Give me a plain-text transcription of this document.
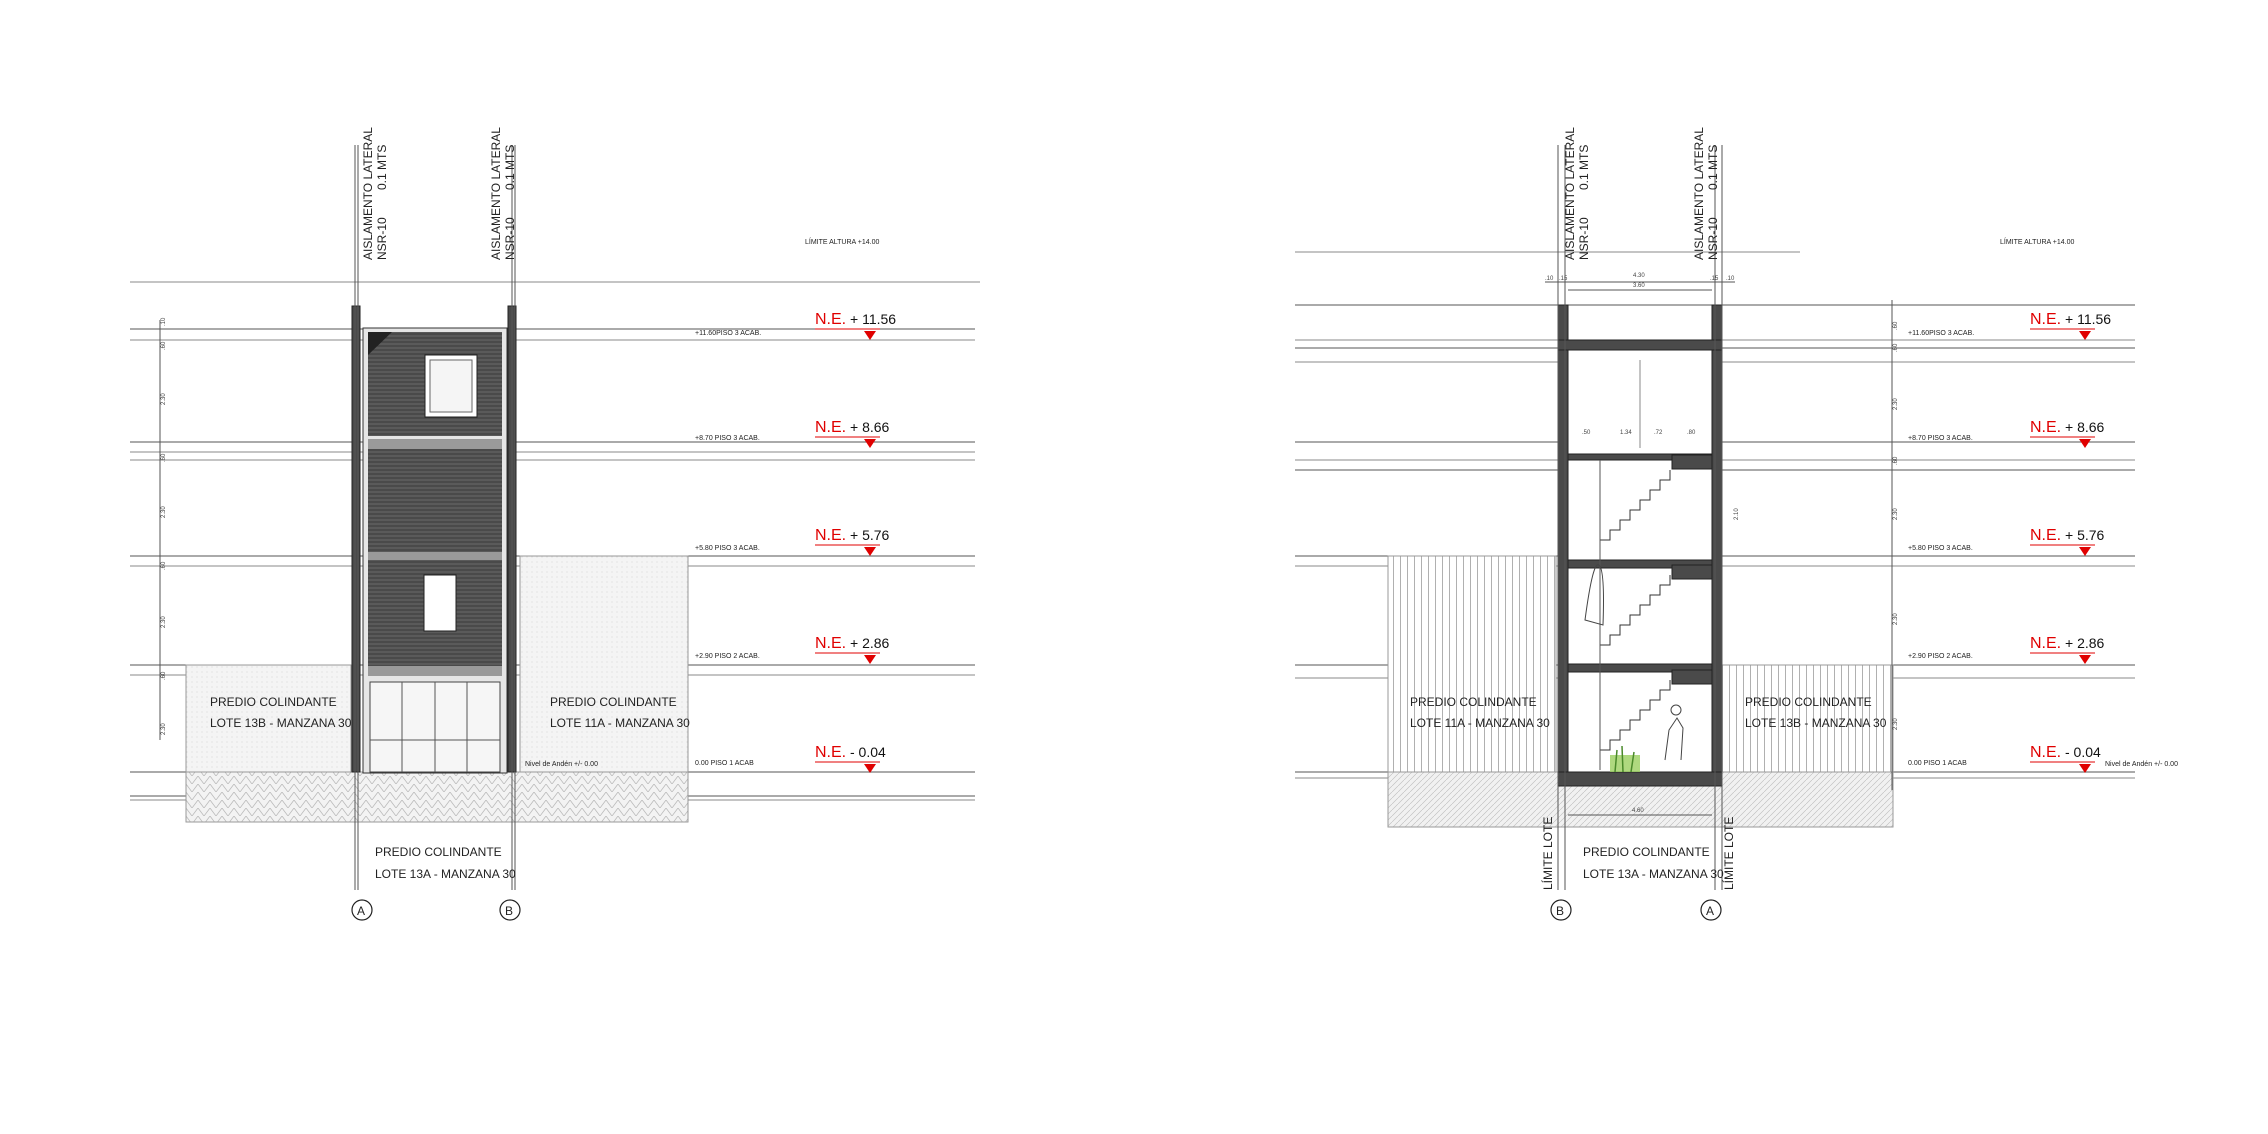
.10
.60
2.30
.60
2.30
.60
2.30
.60
2.30
AISLAMENTO LATERAL NSR-10
0.1 MTS	AISLAMENTO LATERAL NSR-10
0.1 MTS
PREDIO COLINDANTE
LOTE 13B - MANZANA 30
PREDIO COLINDANTE
LOTE 11A - MANZANA 30
PREDIO COLINDANTE
LOTE 13A - MANZANA 30
Nivel de Andén +/- 0.00
A	B
LÍMITE ALTURA +14.00
+11.60PISO 3 ACAB.
+8.70 PISO 3 ACAB.
+5.80 PISO 3 ACAB.
+2.90 PISO 2 ACAB.
0.00 PISO 1 ACAB
N.E. + 11.56
N.E. + 8.66
N.E. + 5.76
N.E. + 2.86
N.E. - 0.04
AISLAMENTO LATERAL NSR-10
0.1 MTS	AISLAMENTO LATERAL NSR-10
0.1 MTS
.10 .15	4.30
3.60
.15 .10
.50	1.34	.72	.80
2.10
4.60
.60
.60
2.30
.60
2.30
2.30
2.30
PREDIO COLINDANTE
LOTE 11A - MANZANA 30
PREDIO COLINDANTE
LOTE 13B - MANZANA 30
PREDIO COLINDANTE
LOTE 13A - MANZANA 30
Nivel de Andén +/- 0.00
LÍMITE LOTE	LÍMITE LOTE
B	A
LÍMITE ALTURA +14.00
+11.60PISO 3 ACAB.
+8.70 PISO 3 ACAB.
+5.80 PISO 3 ACAB.
+2.90 PISO 2 ACAB.
0.00 PISO 1 ACAB
N.E. + 11.56
N.E. + 8.66
N.E. + 5.76
N.E. + 2.86
N.E. - 0.04
